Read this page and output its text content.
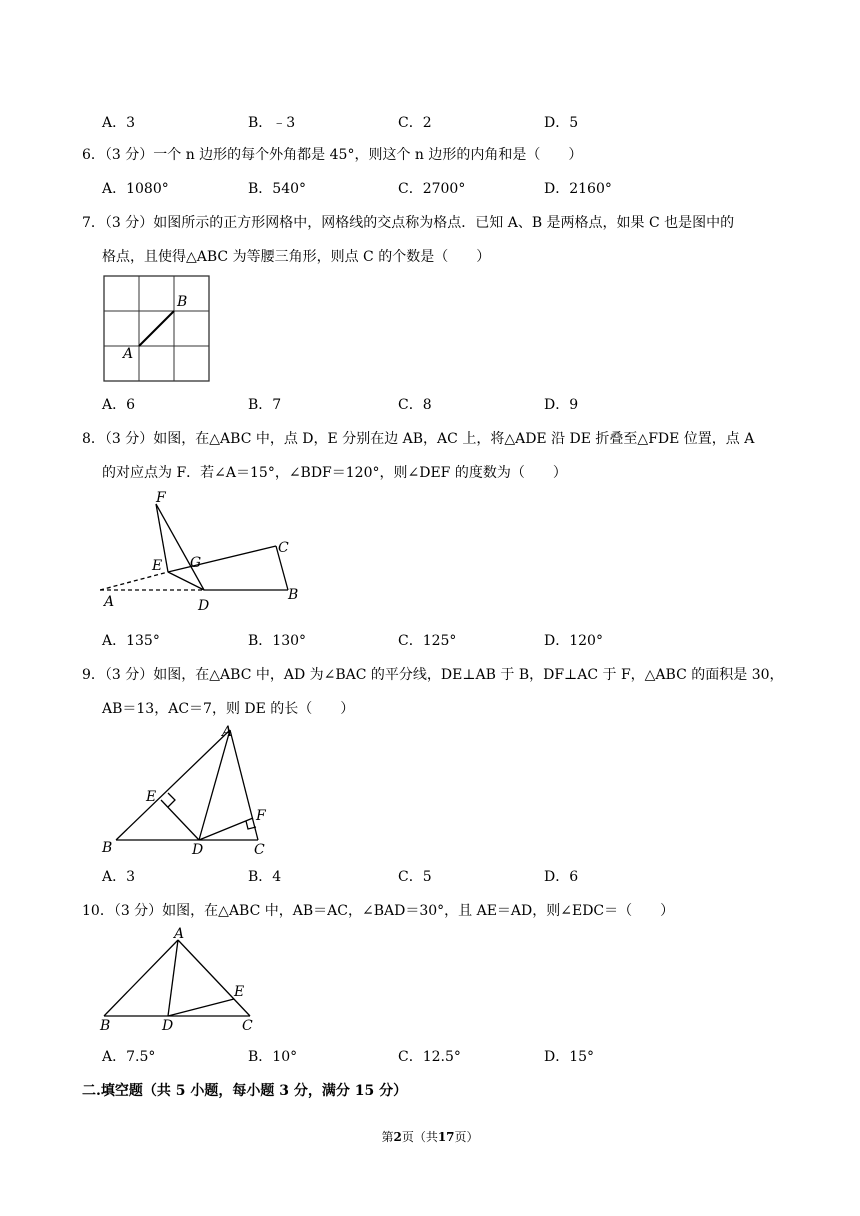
A．3	B．﹣3	C．2	D．5
6．（3 分）一个 n 边形的每个外角都是 45°，则这个 n 边形的内角和是（　　）
A．1080°	B．540°	C．2700°	D．2160°
7．（3 分）如图所示的正方形网格中，网格线的交点称为格点．已知 A、B 是两格点，如果 C 也是图中的
格点，且使得△ABC 为等腰三角形，则点 C 的个数是（　　）
B
A
A．6	B．7	C．8	D．9
8．（3 分）如图，在△ABC 中，点 D，E 分别在边 AB，AC 上，将△ADE 沿 DE 折叠至△FDE 位置，点 A
的对应点为 F．若∠A＝15°，∠BDF＝120°，则∠DEF 的度数为（　　）
F
E G
C
B
A	D
A．135°	B．130°	C．125°	D．120°
9．（3 分）如图，在△ABC 中，AD 为∠BAC 的平分线，DE⊥AB 于 B，DF⊥AC 于 F，△ABC 的面积是 30，
AB＝13，AC＝7，则 DE 的长（　　）
A
E
F
B	D	C
A．3	B．4	C．5	D．6
10．（3 分）如图，在△ABC 中，AB＝AC，∠BAD＝30°，且 AE＝AD，则∠EDC＝（　　）
A
E
B	D	C
A．7.5°	B．10°	C．12.5°	D．15°
二.填空题（共 5 小题，每小题 3 分，满分 15 分）
第2页（共17页）
